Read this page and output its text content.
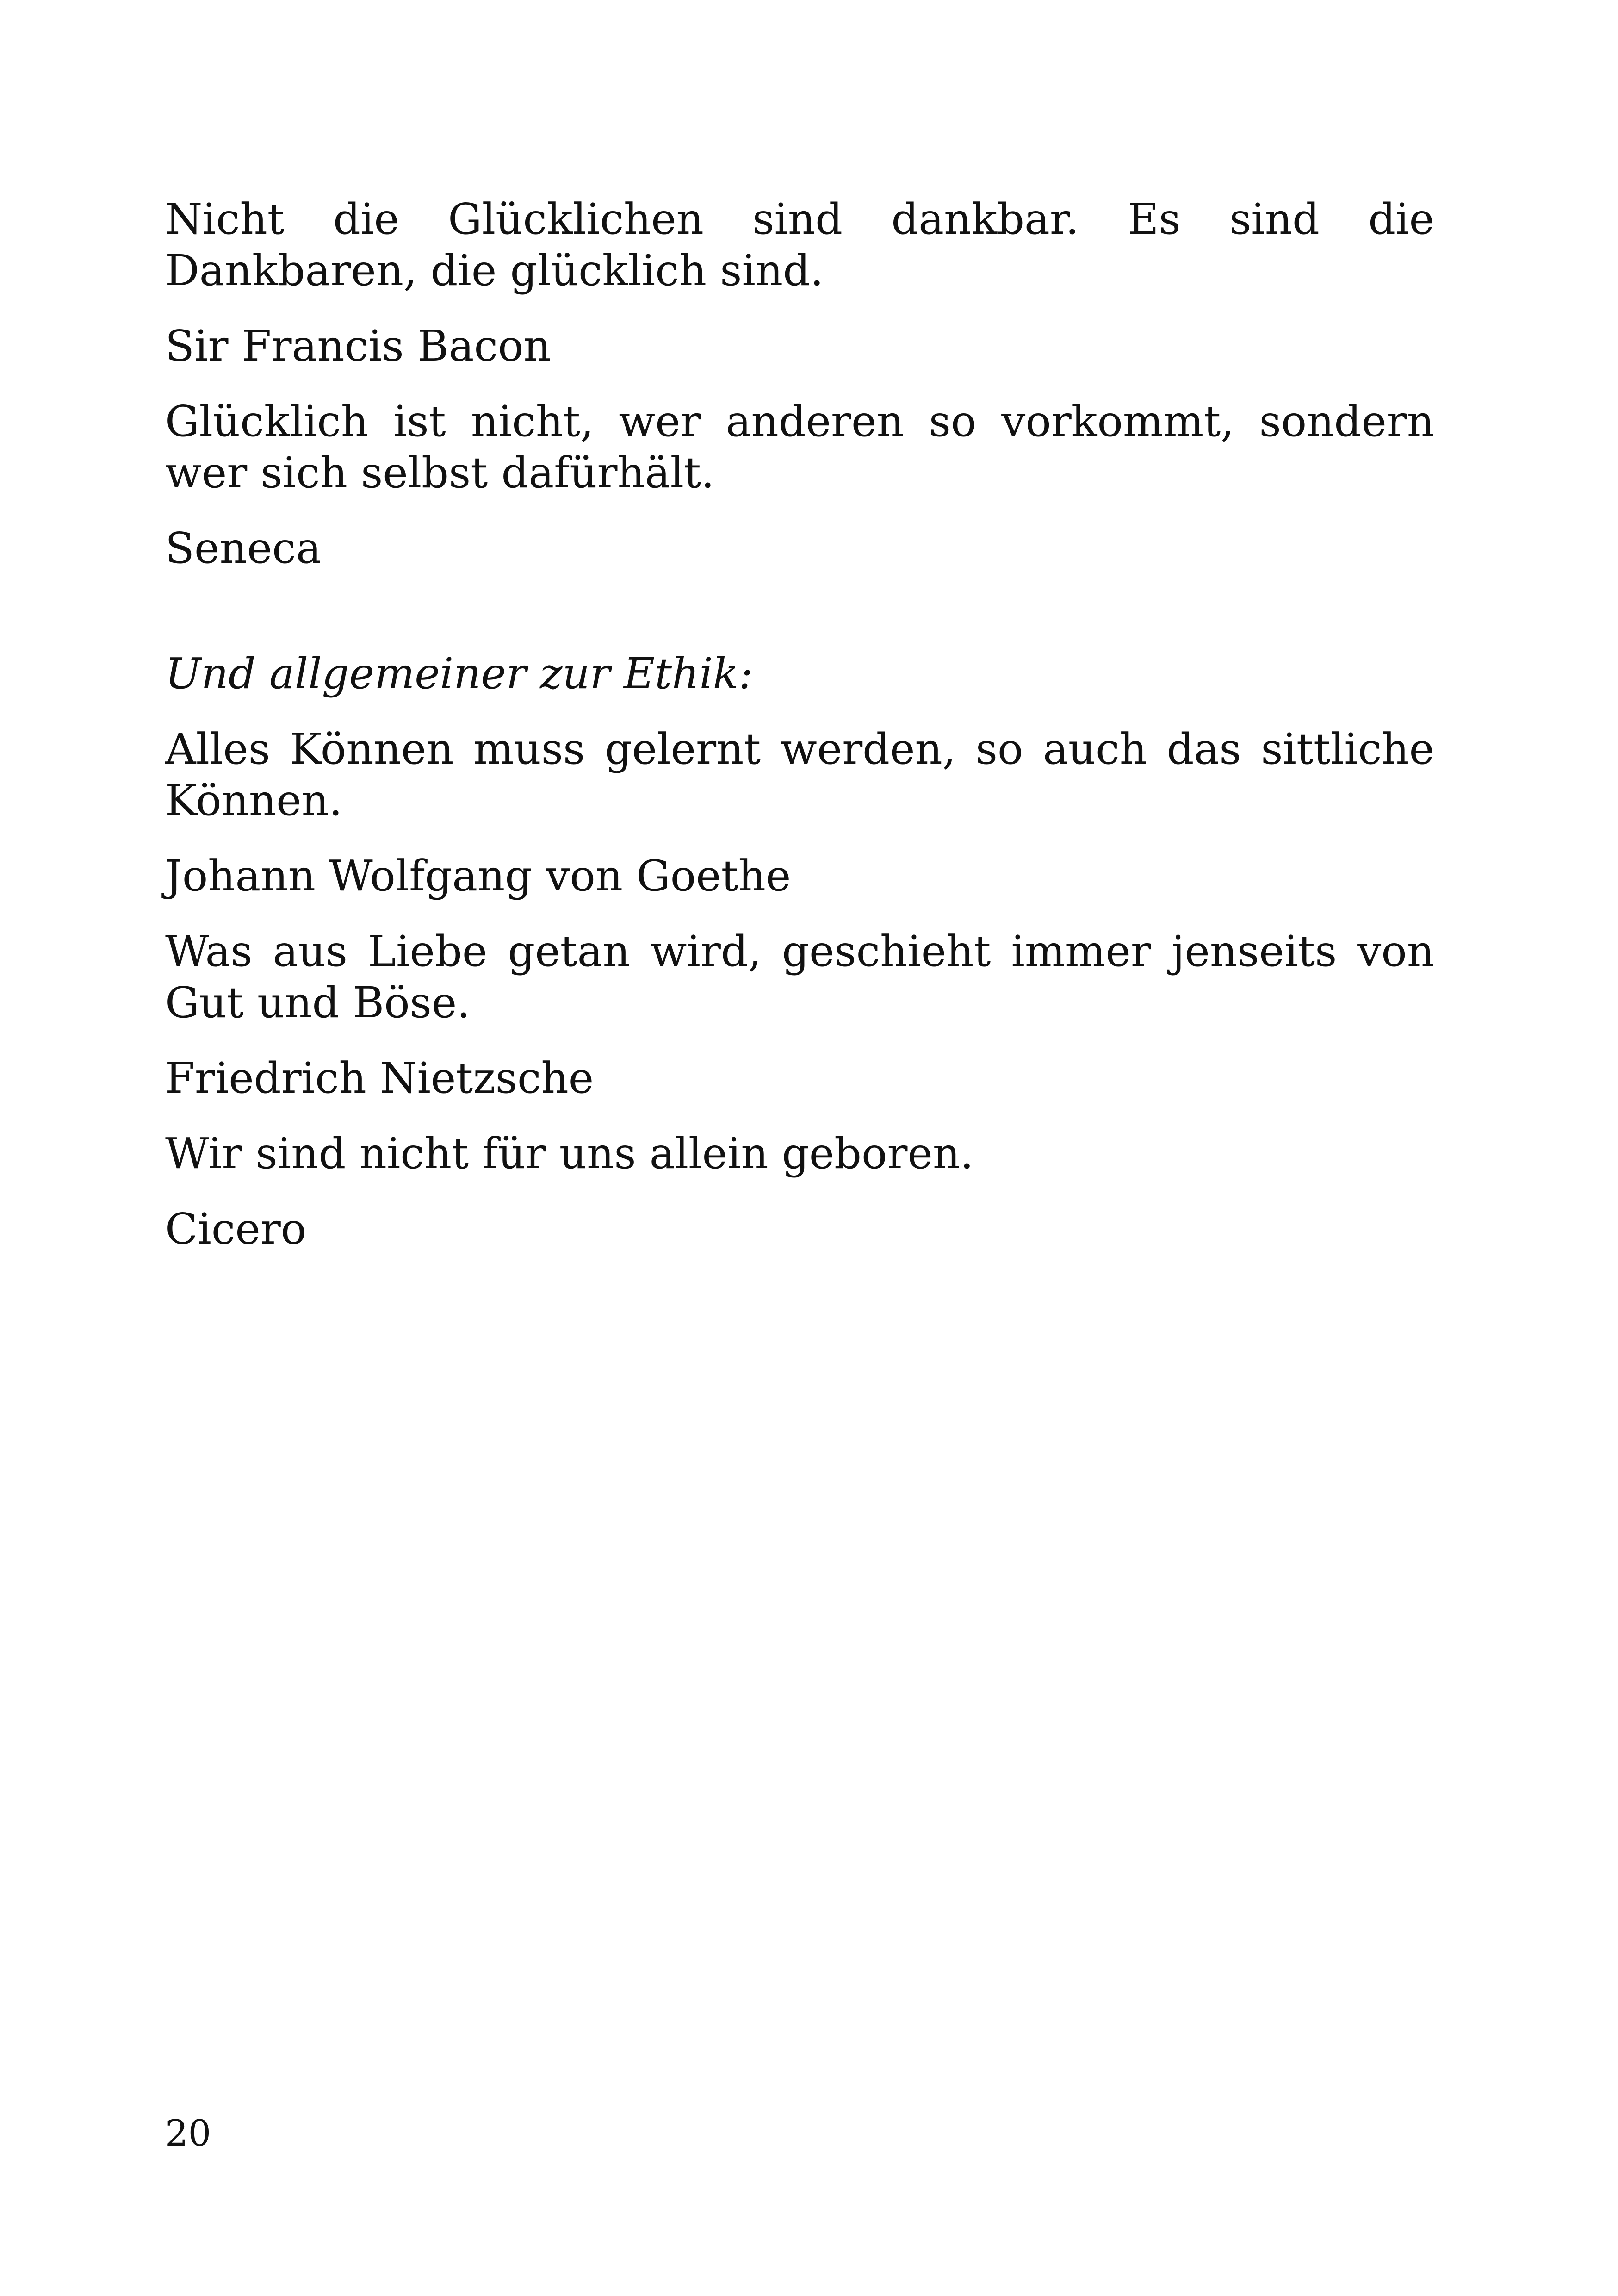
Nicht die Glücklichen sind dankbar. Es sind die Dankbaren, die glücklich sind.

Sir Francis Bacon

Glücklich ist nicht, wer anderen so vorkommt, sondern wer sich selbst dafürhält.

Seneca

Und allgemeiner zur Ethik:

Alles Können muss gelernt werden, so auch das sittliche Können.

Johann Wolfgang von Goethe

Was aus Liebe getan wird, geschieht immer jenseits von Gut und Böse.

Friedrich Nietzsche

Wir sind nicht für uns allein geboren.

Cicero

20
